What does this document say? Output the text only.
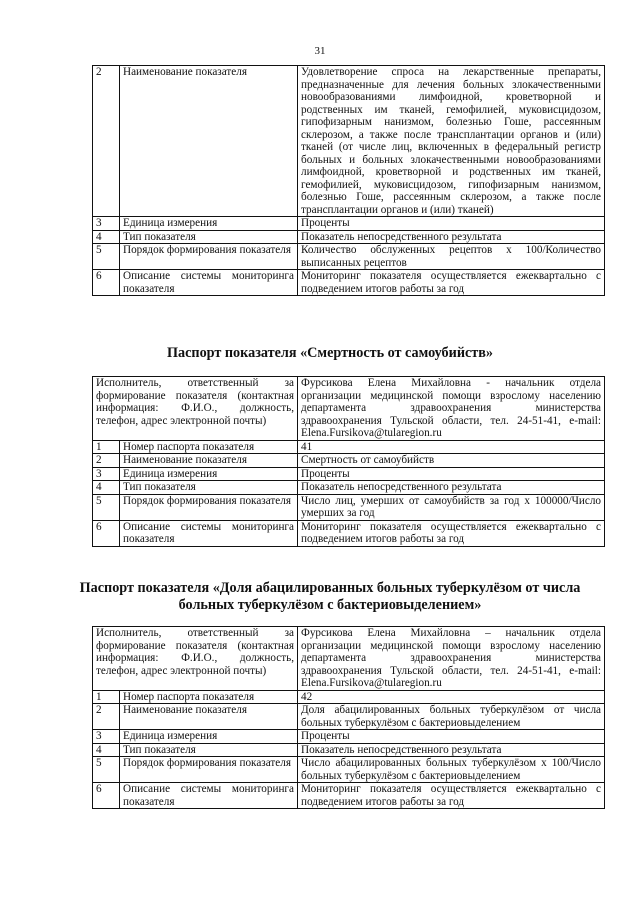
31
2	Наименование показателя	Удовлетворение спроса на лекарственные препараты, предназначенные для лечения больных злокачественными новообразованиями лимфоидной, кроветворной и родственных им тканей, гемофилией, муковисцидозом, гипофизарным нанизмом, болезнью Гоше, рассеянным склерозом, а также после трансплантации органов и (или) тканей (от числе лиц, включенных в федеральный регистр больных и больных злокачественными новообразованиями лимфоидной, кроветворной и родственных им тканей, гемофилией, муковисцидозом, гипофизарным нанизмом, болезнью Гоше, рассеянным склерозом, а также после трансплантации органов и (или) тканей)
3	Единица измерения	Проценты
4	Тип показателя	Показатель непосредственного результата
5	Порядок формирования показателя	Количество обслуженных рецептов х 100/Количество выписанных рецептов
6	Описание системы мониторинга показателя	Мониторинг показателя осуществляется ежеквартально с подведением итогов работы за год
Паспорт показателя «Смертность от самоубийств»
Исполнитель, ответственный за формирование показателя (контактная информация: Ф.И.О., должность, телефон, адрес электронной почты)		Фурсикова Елена Михайловна - начальник отдела организации медицинской помощи взрослому населению департамента здравоохранения министерства здравоохранения Тульской области, тел. 24-51-41, e-mail: Elena.Fursikova@tularegion.ru
1	Номер паспорта показателя	41
2	Наименование показателя	Смертность от самоубийств
3	Единица измерения	Проценты
4	Тип показателя	Показатель непосредственного результата
5	Порядок формирования показателя	Число лиц, умерших от самоубийств за год х 100000/Число умерших за год
6	Описание системы мониторинга показателя	Мониторинг показателя осуществляется ежеквартально с подведением итогов работы за год
Паспорт показателя «Доля абацилированных больных туберкулёзом от числа больных туберкулёзом с бактериовыделением»
Исполнитель, ответственный за формирование показателя (контактная информация: Ф.И.О., должность, телефон, адрес электронной почты)		Фурсикова Елена Михайловна – начальник отдела организации медицинской помощи взрослому населению департамента здравоохранения министерства здравоохранения Тульской области, тел. 24-51-41, e-mail: Elena.Fursikova@tularegion.ru
1	Номер паспорта показателя	42
2	Наименование показателя	Доля абацилированных больных туберкулёзом от числа больных туберкулёзом с бактериовыделением
3	Единица измерения	Проценты
4	Тип показателя	Показатель непосредственного результата
5	Порядок формирования показателя	Число абацилированных больных туберкулёзом х 100/Число больных туберкулёзом с бактериовыделением
6	Описание системы мониторинга показателя	Мониторинг показателя осуществляется ежеквартально с подведением итогов работы за год
